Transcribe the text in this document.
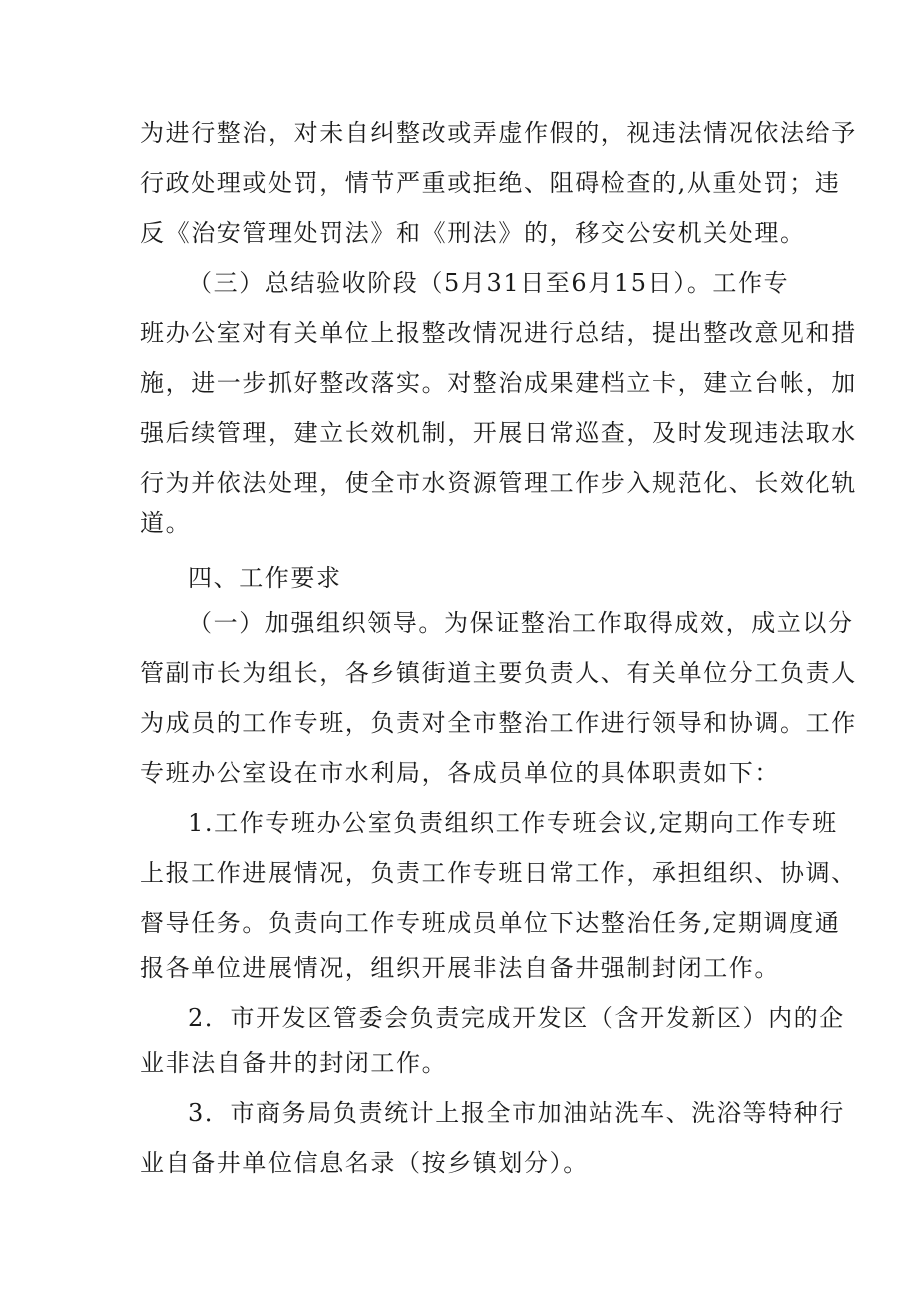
为进行整治，对未自纠整改或弄虚作假的，视违法情况依法给予
行政处理或处罚，情节严重或拒绝、阻碍检查的,从重处罚；违
反《治安管理处罚法》和《刑法》的，移交公安机关处理。
（三）总结验收阶段（5月31日至6月15日）。工作专
班办公室对有关单位上报整改情况进行总结，提出整改意见和措
施，进一步抓好整改落实。对整治成果建档立卡，建立台帐，加
强后续管理，建立长效机制，开展日常巡查，及时发现违法取水
行为并依法处理，使全市水资源管理工作步入规范化、长效化轨
道。
四、工作要求
（一）加强组织领导。为保证整治工作取得成效，成立以分
管副市长为组长，各乡镇街道主要负责人、有关单位分工负责人
为成员的工作专班，负责对全市整治工作进行领导和协调。工作
专班办公室设在市水利局，各成员单位的具体职责如下：
1.工作专班办公室负责组织工作专班会议,定期向工作专班
上报工作进展情况，负责工作专班日常工作，承担组织、协调、
督导任务。负责向工作专班成员单位下达整治任务,定期调度通
报各单位进展情况，组织开展非法自备井强制封闭工作。
2．市开发区管委会负责完成开发区（含开发新区）内的企
业非法自备井的封闭工作。
3．市商务局负责统计上报全市加油站洗车、洗浴等特种行
业自备井单位信息名录（按乡镇划分）。
